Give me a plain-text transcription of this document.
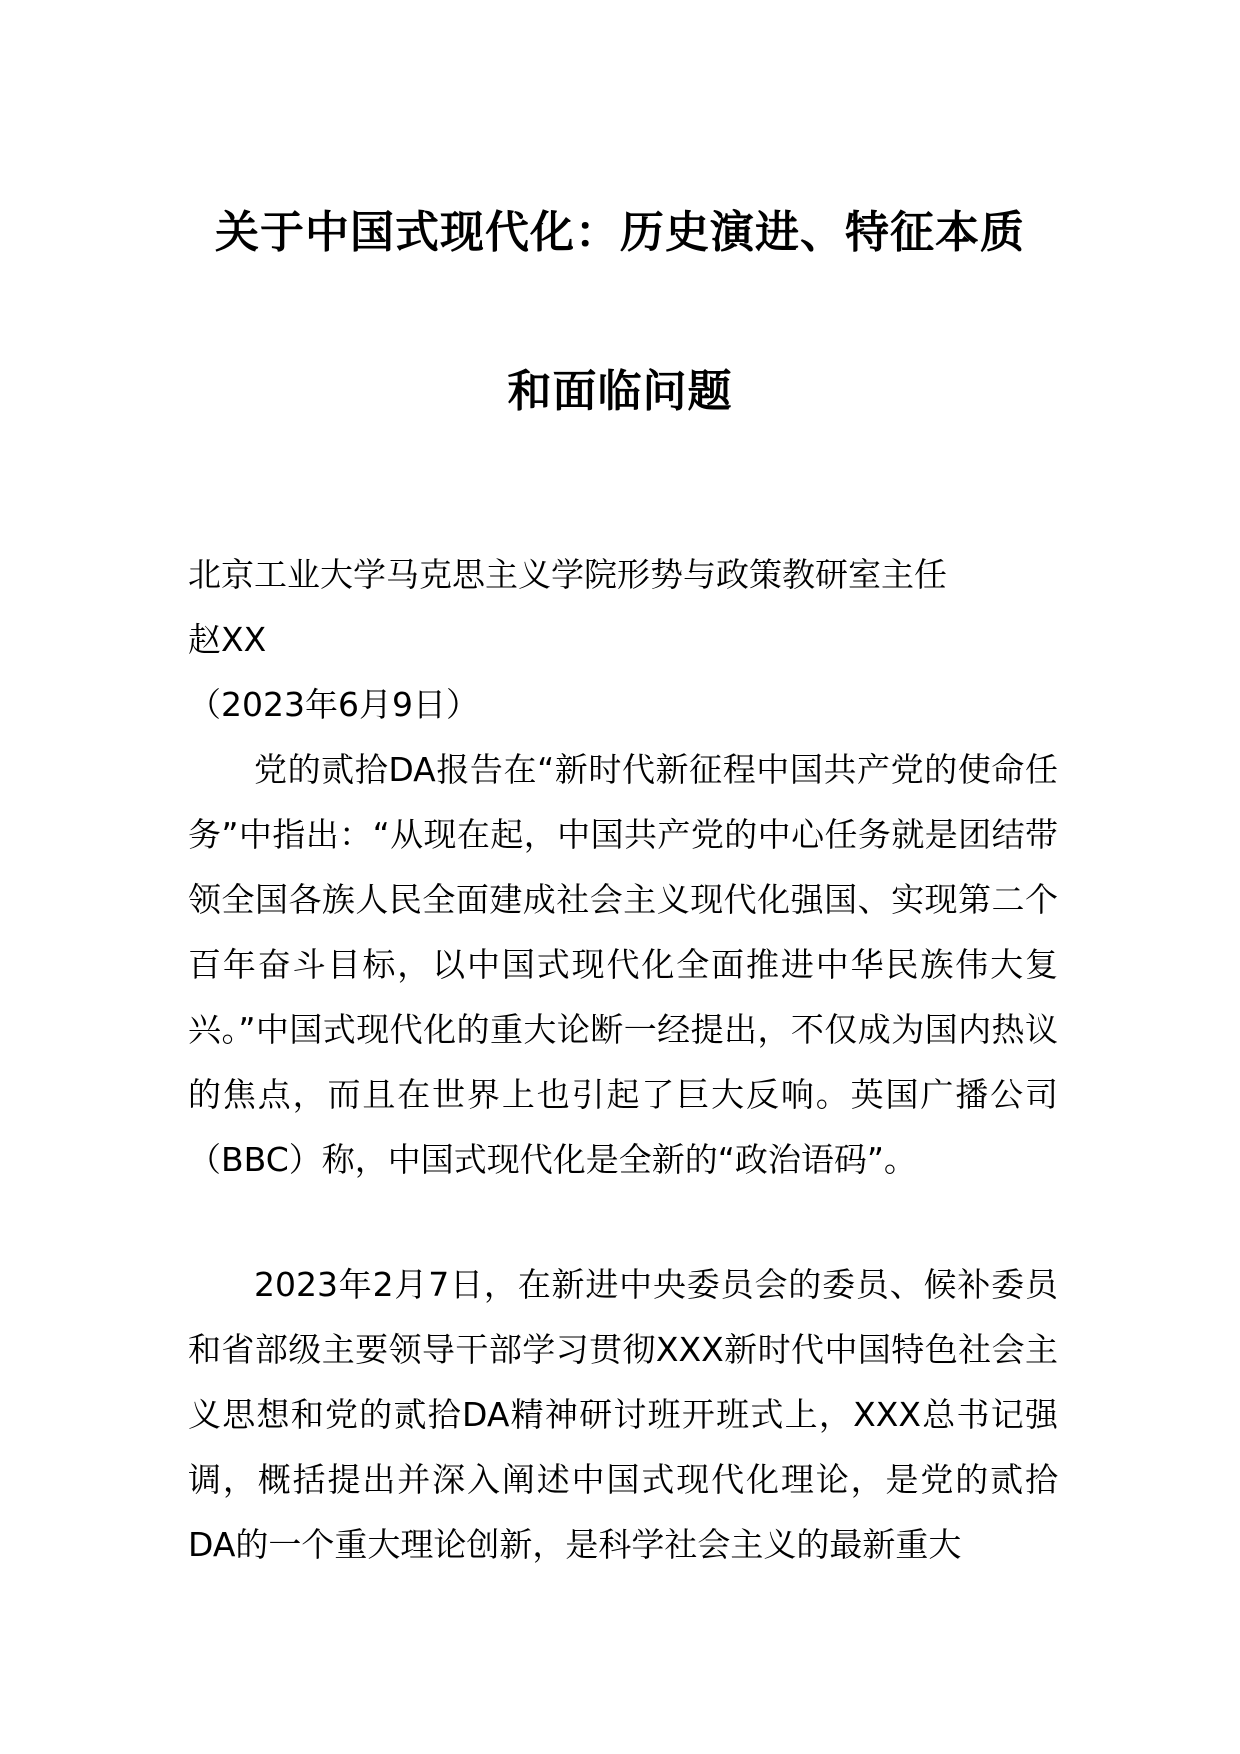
关于中国式现代化：历史演进、特征本质
和面临问题
北京工业大学马克思主义学院形势与政策教研室主任
赵XX
（2023年6月9日）

党的贰拾DA报告在“新时代新征程中国共产党的使命任务”中指出：“从现在起，中国共产党的中心任务就是团结带领全国各族人民全面建成社会主义现代化强国、实现第二个百年奋斗目标，以中国式现代化全面推进中华民族伟大复兴。”中国式现代化的重大论断一经提出，不仅成为国内热议的焦点，而且在世界上也引起了巨大反响。英国广播公司（BBC）称，中国式现代化是全新的“政治语码”。

2023年2月7日，在新进中央委员会的委员、候补委员和省部级主要领导干部学习贯彻XXX新时代中国特色社会主义思想和党的贰拾DA精神研讨班开班式上，XXX总书记强调，概括提出并深入阐述中国式现代化理论，是党的贰拾DA的一个重大理论创新，是科学社会主义的最新重大
